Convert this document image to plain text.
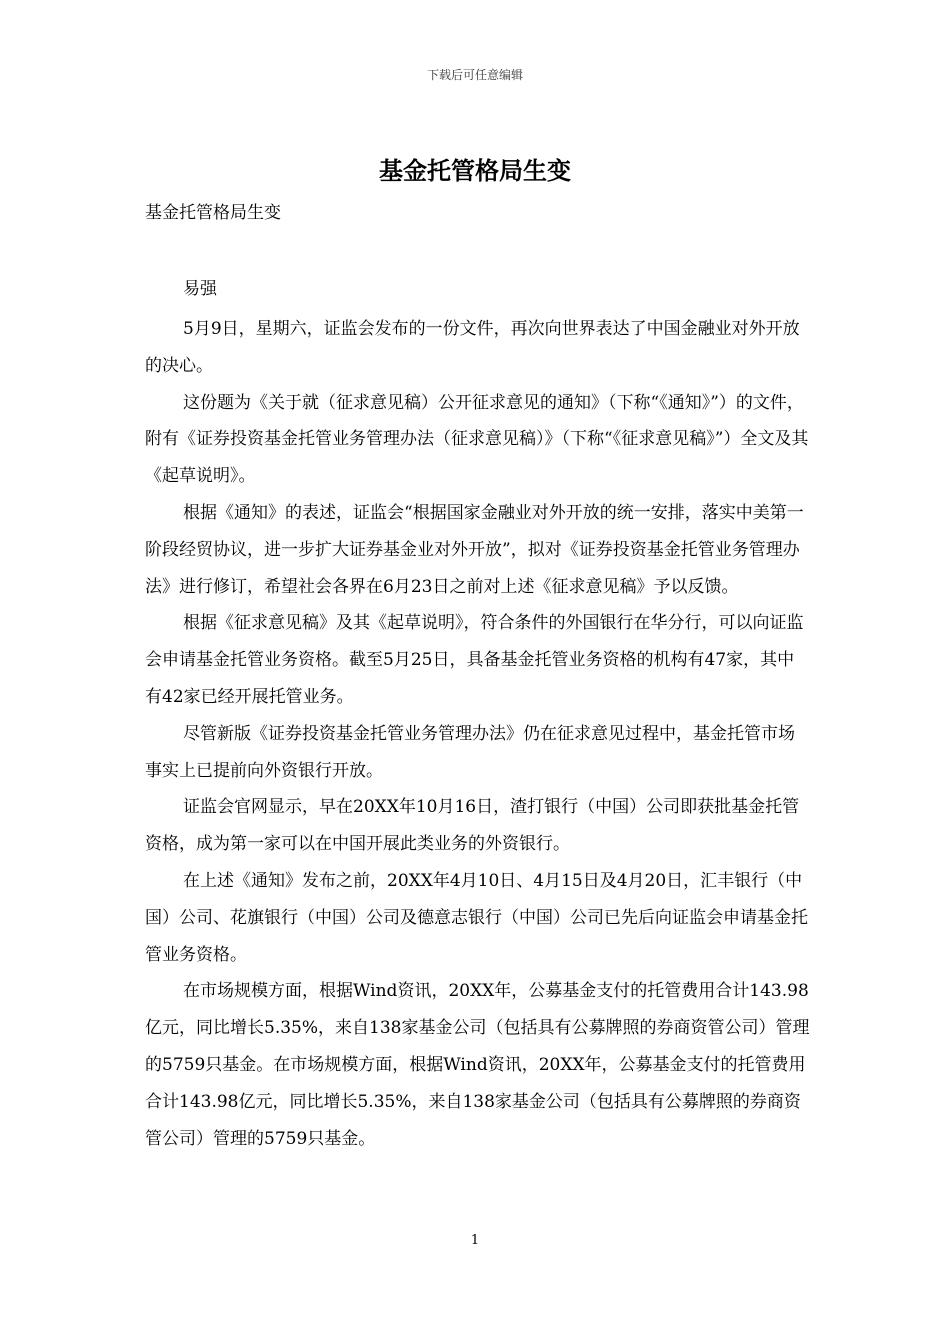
下载后可任意编辑
基金托管格局生变
基金托管格局生变
易强

5月9日，星期六，证监会发布的一份文件，再次向世界表达了中国金融业对外开放的决心。

这份题为《关于就（征求意见稿）公开征求意见的通知》（下称“《通知》”）的文件，附有《证券投资基金托管业务管理办法（征求意见稿）》（下称“《征求意见稿》”）全文及其《起草说明》。

根据《通知》的表述，证监会“根据国家金融业对外开放的统一安排，落实中美第一阶段经贸协议，进一步扩大证券基金业对外开放”，拟对《证券投资基金托管业务管理办法》进行修订，希望社会各界在6月23日之前对上述《征求意见稿》予以反馈。

根据《征求意见稿》及其《起草说明》，符合条件的外国银行在华分行，可以向证监会申请基金托管业务资格。截至5月25日，具备基金托管业务资格的机构有47家，其中有42家已经开展托管业务。

尽管新版《证券投资基金托管业务管理办法》仍在征求意见过程中，基金托管市场事实上已提前向外资银行开放。

证监会官网显示，早在20XX年10月16日，渣打银行（中国）公司即获批基金托管资格，成为第一家可以在中国开展此类业务的外资银行。

在上述《通知》发布之前，20XX年4月10日、4月15日及4月20日，汇丰银行（中国）公司、花旗银行（中国）公司及德意志银行（中国）公司已先后向证监会申请基金托管业务资格。

在市场规模方面，根据Wind资讯，20XX年，公募基金支付的托管费用合计143.98亿元，同比增长5.35%，来自138家基金公司（包括具有公募牌照的券商资管公司）管理的5759只基金。在市场规模方面，根据Wind资讯，20XX年，公募基金支付的托管费用合计143.98亿元，同比增长5.35%，来自138家基金公司（包括具有公募牌照的券商资管公司）管理的5759只基金。

1
